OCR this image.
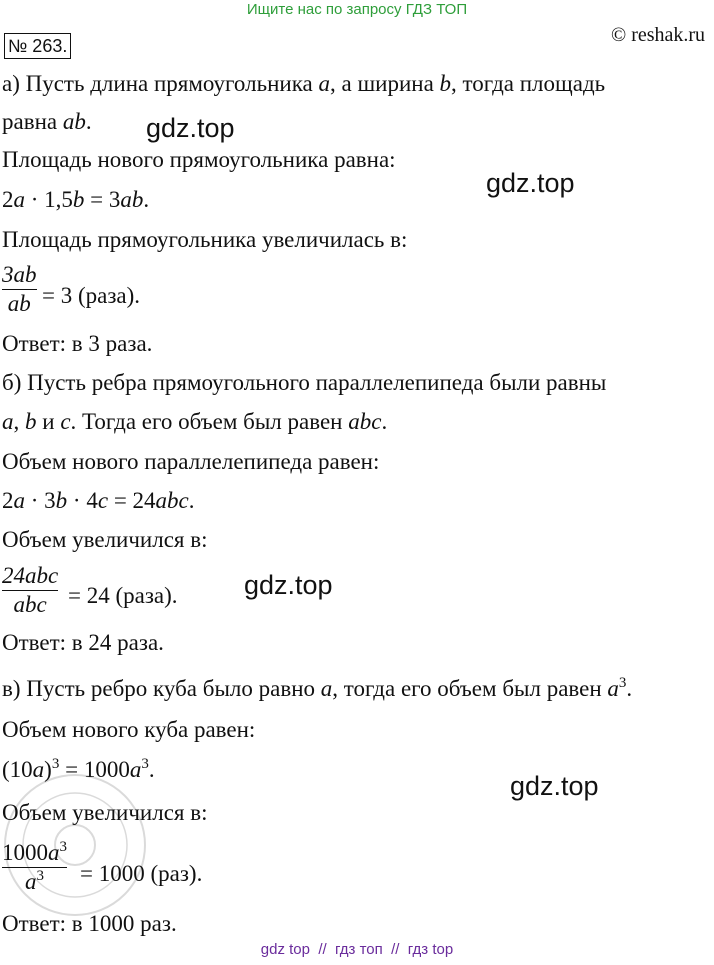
Ищите нас по запросу ГДЗ ТОП
№ 263.	© reshak.ru
gdz.top
gdz.top
gdz.top
gdz.top
а) Пусть длина прямоугольника a, а ширина b, тогда площадь
равна ab.
Площадь нового прямоугольника равна:
2a · 1,5b = 3ab.
Площадь прямоугольника увеличилась в:
3ab
ab = 3 (раза).
Ответ: в 3 раза.
б) Пусть ребра прямоугольного параллелепипеда были равны
a, b и c. Тогда его объем был равен abc.
Объем нового параллелепипеда равен:
2a · 3b · 4c = 24abc.
Объем увеличился в:
24abc
abc = 24 (раза).
Ответ: в 24 раза.
в) Пусть ребро куба было равно a, тогда его объем был равен $a^3$.
Объем нового куба равен:
$(10a)^3 = 1000a^3$.
Объем увеличился в:
$1000a^3$
$a^3$	= 1000 (раз).
Ответ: в 1000 раз.
gdz top  //  гдз топ  //  гдз top
